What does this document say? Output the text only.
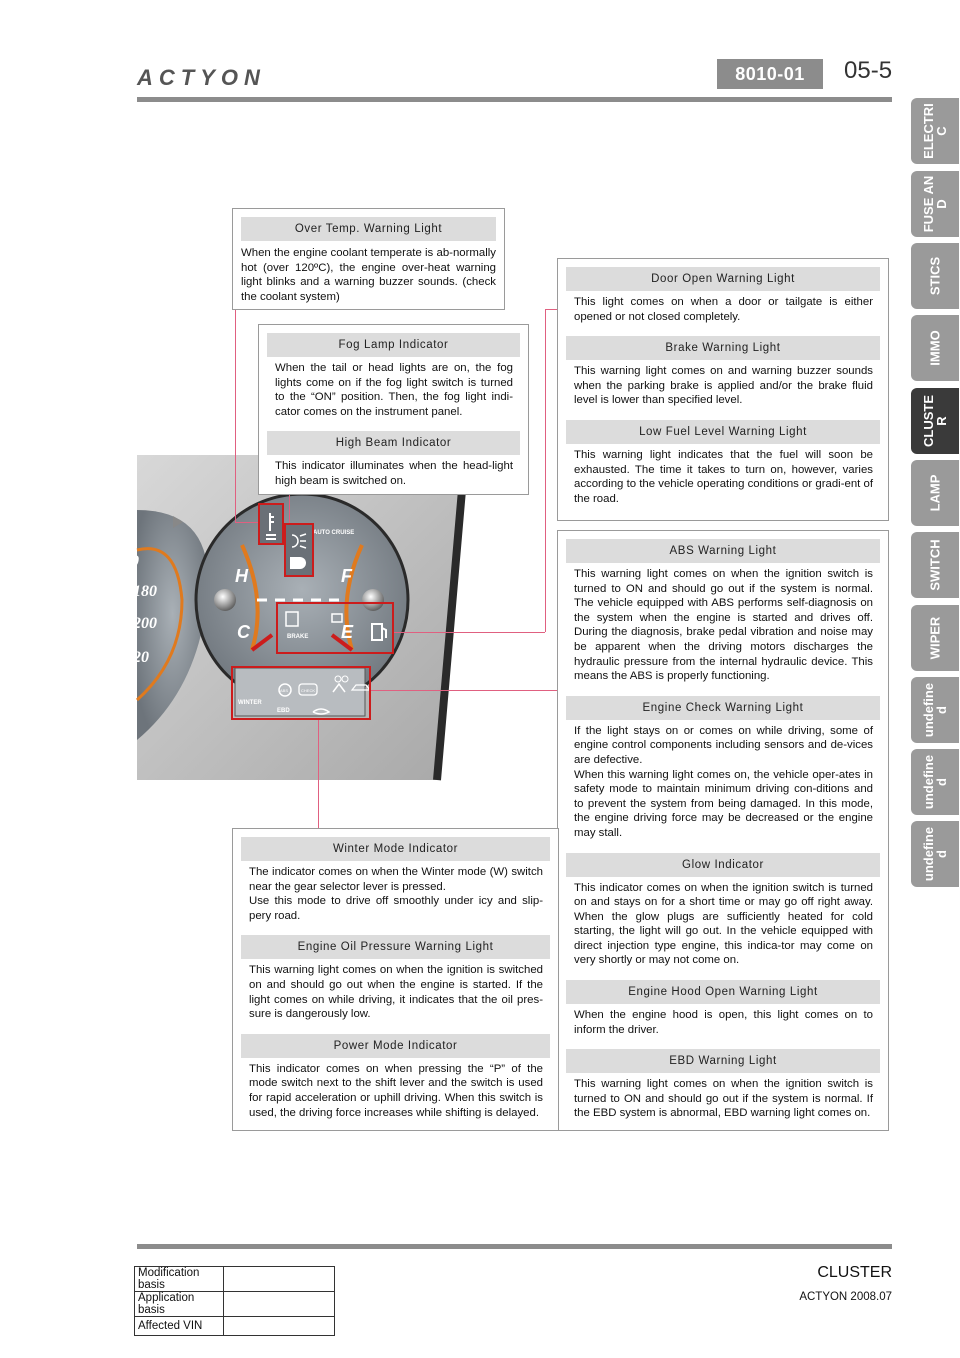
ACTYON	8010-01	05-5
ELECTRIC
FUSE AND
STICS
IMMO
CLUSTER
LAMP
SWITCH
WIPER
undefined
undefined
undefined
0
180
200
220
H
C
F
E
AUTO CRUISE
BRAKE
WINTER
EBD
ABS	CHECK
Over Temp. Warning Light
When the engine coolant temperate is ab-normally hot (over 120ºC), the engine over-heat warning light blinks and a warning buzzer sounds. (check the coolant system)
Fog Lamp Indicator
When the tail or head lights are on, the fog lights come on if the fog light switch is turned to the “ON” position. Then, the fog light indi-cator comes on the instrument panel.
High Beam Indicator
This indicator illuminates when the head-light high beam is switched on.
Door Open Warning Light
This light comes on when a door or tailgate is either opened or not closed completely.
Brake Warning Light
This warning light comes on and warning buzzer sounds when the parking brake is applied and/or the brake fluid level is lower than specified level.
Low Fuel Level Warning Light
This warning light indicates that the fuel will soon be exhausted. The time it takes to turn on, however, varies according to the vehicle operating conditions or gradi-ent of the road.
ABS Warning Light
This warning light comes on when the ignition switch is turned to ON and should go out if the system is normal. The vehicle equipped with ABS performs self-diagnosis on the system when the engine is started and drives off. During the diagnosis, brake pedal vibration and noise may be apparent when the driving motors discharges the hydraulic pressure from the internal hydraulic device. This means the ABS is properly functioning.
Engine Check Warning Light
If the light stays on or comes on while driving, some of engine control components including sensors and de-vices are defective.
When this warning light comes on, the vehicle oper-ates in safety mode to maintain minimum driving con-ditions and to prevent the system from being damaged. In this mode, the engine driving force may be decreased or the engine may stall.
Glow Indicator
This indicator comes on when the ignition switch is turned on and stays on for a short time or may go off right away. When the glow plugs are sufficiently heated for cold starting, the light will go out. In the vehicle equipped with direct injection type engine, this indica-tor may come on very shortly or may not come on.
Engine Hood Open Warning Light
When the engine hood is open, this light comes on to inform the driver.
EBD Warning Light
This warning light comes on when the ignition switch is turned to ON and should go out if the system is normal. If the EBD system is abnormal, EBD warning light comes on.
Winter Mode Indicator
The indicator comes on when the Winter mode (W) switch near the gear selector lever is pressed.
Use this mode to drive off smoothly under icy and slip-pery road.
Engine Oil Pressure Warning Light
This warning light comes on when the ignition is switched on and should go out when the engine is started. If the light comes on while driving, it indicates that the oil pres-sure is dangerously low.
Power Mode Indicator
This indicator comes on when pressing the “P” of the mode switch next to the shift lever and the switch is used for rapid acceleration or uphill driving. When this switch is used, the driving force increases while shifting is delayed.
CLUSTER
ACTYON 2008.07
Modification basis	
Application basis	
Affected VIN	
